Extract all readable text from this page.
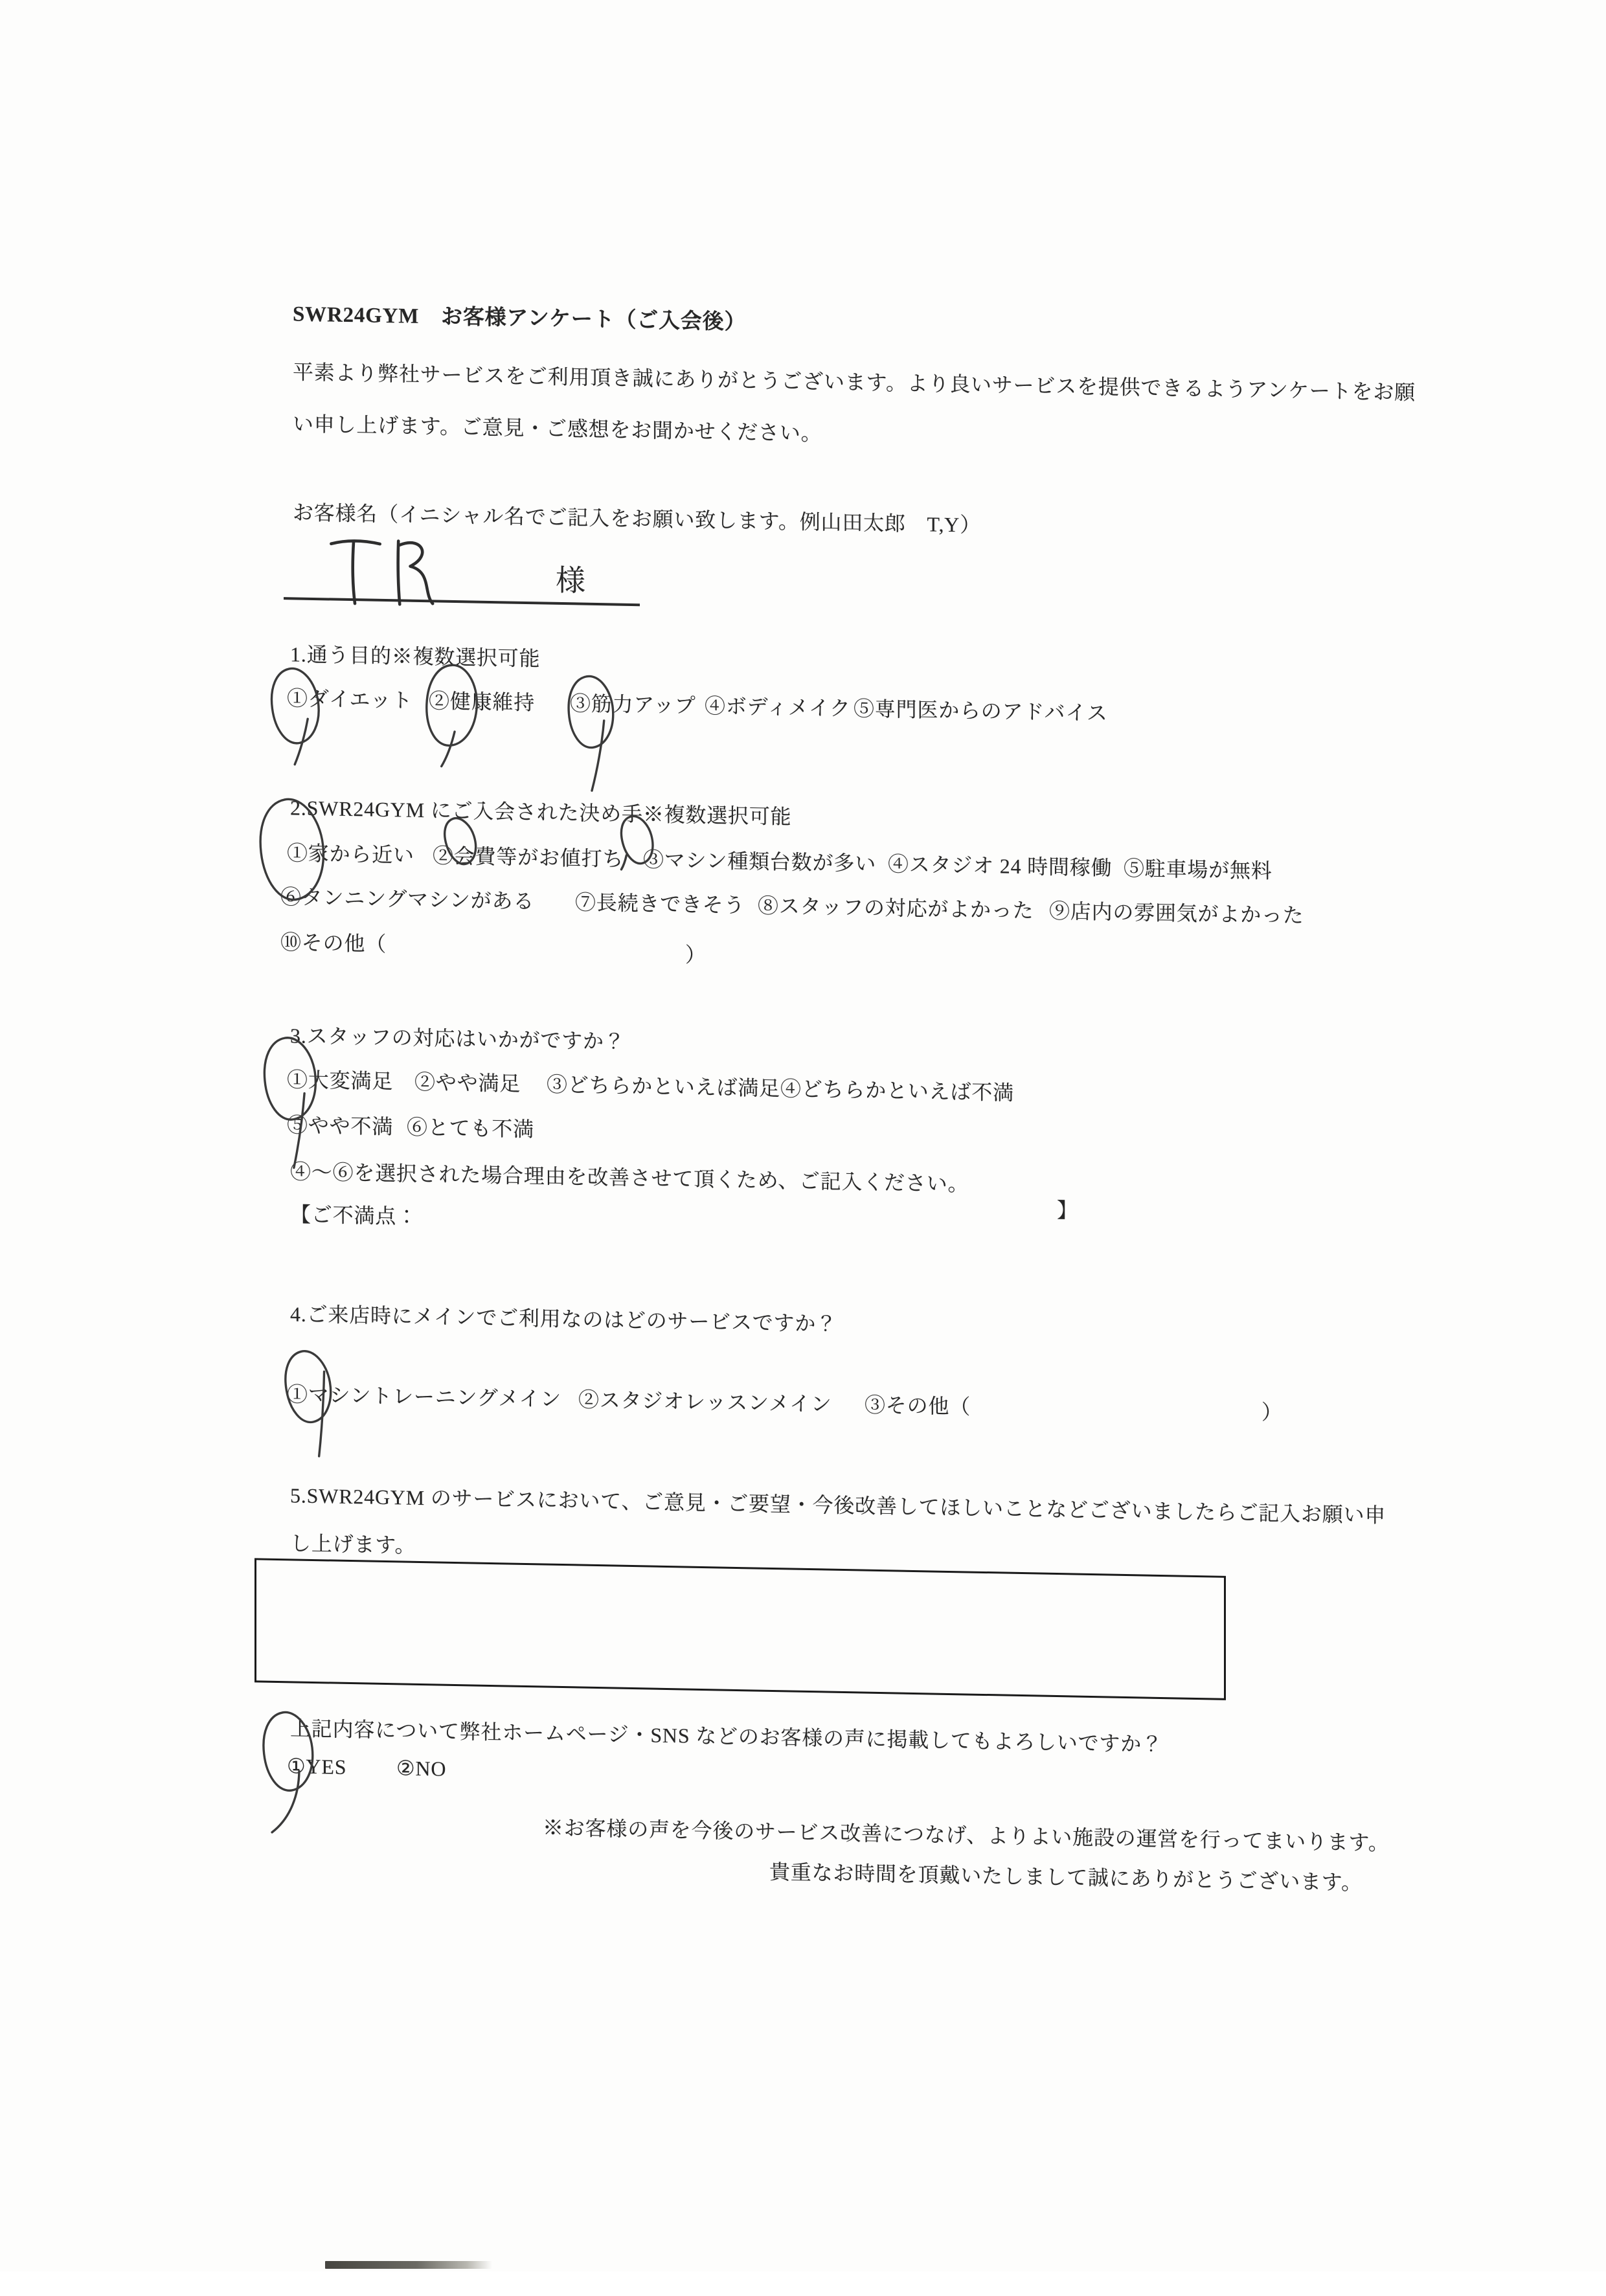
SWR24GYM　お客様アンケート（ご入会後）
平素より弊社サービスをご利用頂き誠にありがとうございます。より良いサービスを提供できるようアンケートをお願
い申し上げます。ご意見・ご感想をお聞かせください。
お客様名（イニシャル名でご記入をお願い致します。例山田太郎　T,Y）
様
1.通う目的※複数選択可能
①ダイエット ②健康維持 ③筋力アップ ④ボディメイク ⑤専門医からのアドバイス
2.SWR24GYM にご入会された決め手※複数選択可能
①家から近い ②会費等がお値打ち ③マシン種類台数が多い ④スタジオ 24 時間稼働 ⑤駐車場が無料
⑥タンニングマシンがある ⑦長続きできそう ⑧スタッフの対応がよかった ⑨店内の雰囲気がよかった
⑩その他（	）
3.スタッフの対応はいかがですか？
①大変満足 ②やや満足 ③どちらかといえば満足 ④どちらかといえば不満
⑤やや不満 ⑥とても不満
④～⑥を選択された場合理由を改善させて頂くため、ご記入ください。
【ご不満点：	】
4.ご来店時にメインでご利用なのはどのサービスですか？
①マシントレーニングメイン ②スタジオレッスンメイン ③その他（	）
5.SWR24GYM のサービスにおいて、ご意見・ご要望・今後改善してほしいことなどございましたらご記入お願い申
し上げます。
上記内容について弊社ホームページ・SNS などのお客様の声に掲載してもよろしいですか？
①YES ②NO
※お客様の声を今後のサービス改善につなげ、よりよい施設の運営を行ってまいります。
貴重なお時間を頂戴いたしまして誠にありがとうございます。
